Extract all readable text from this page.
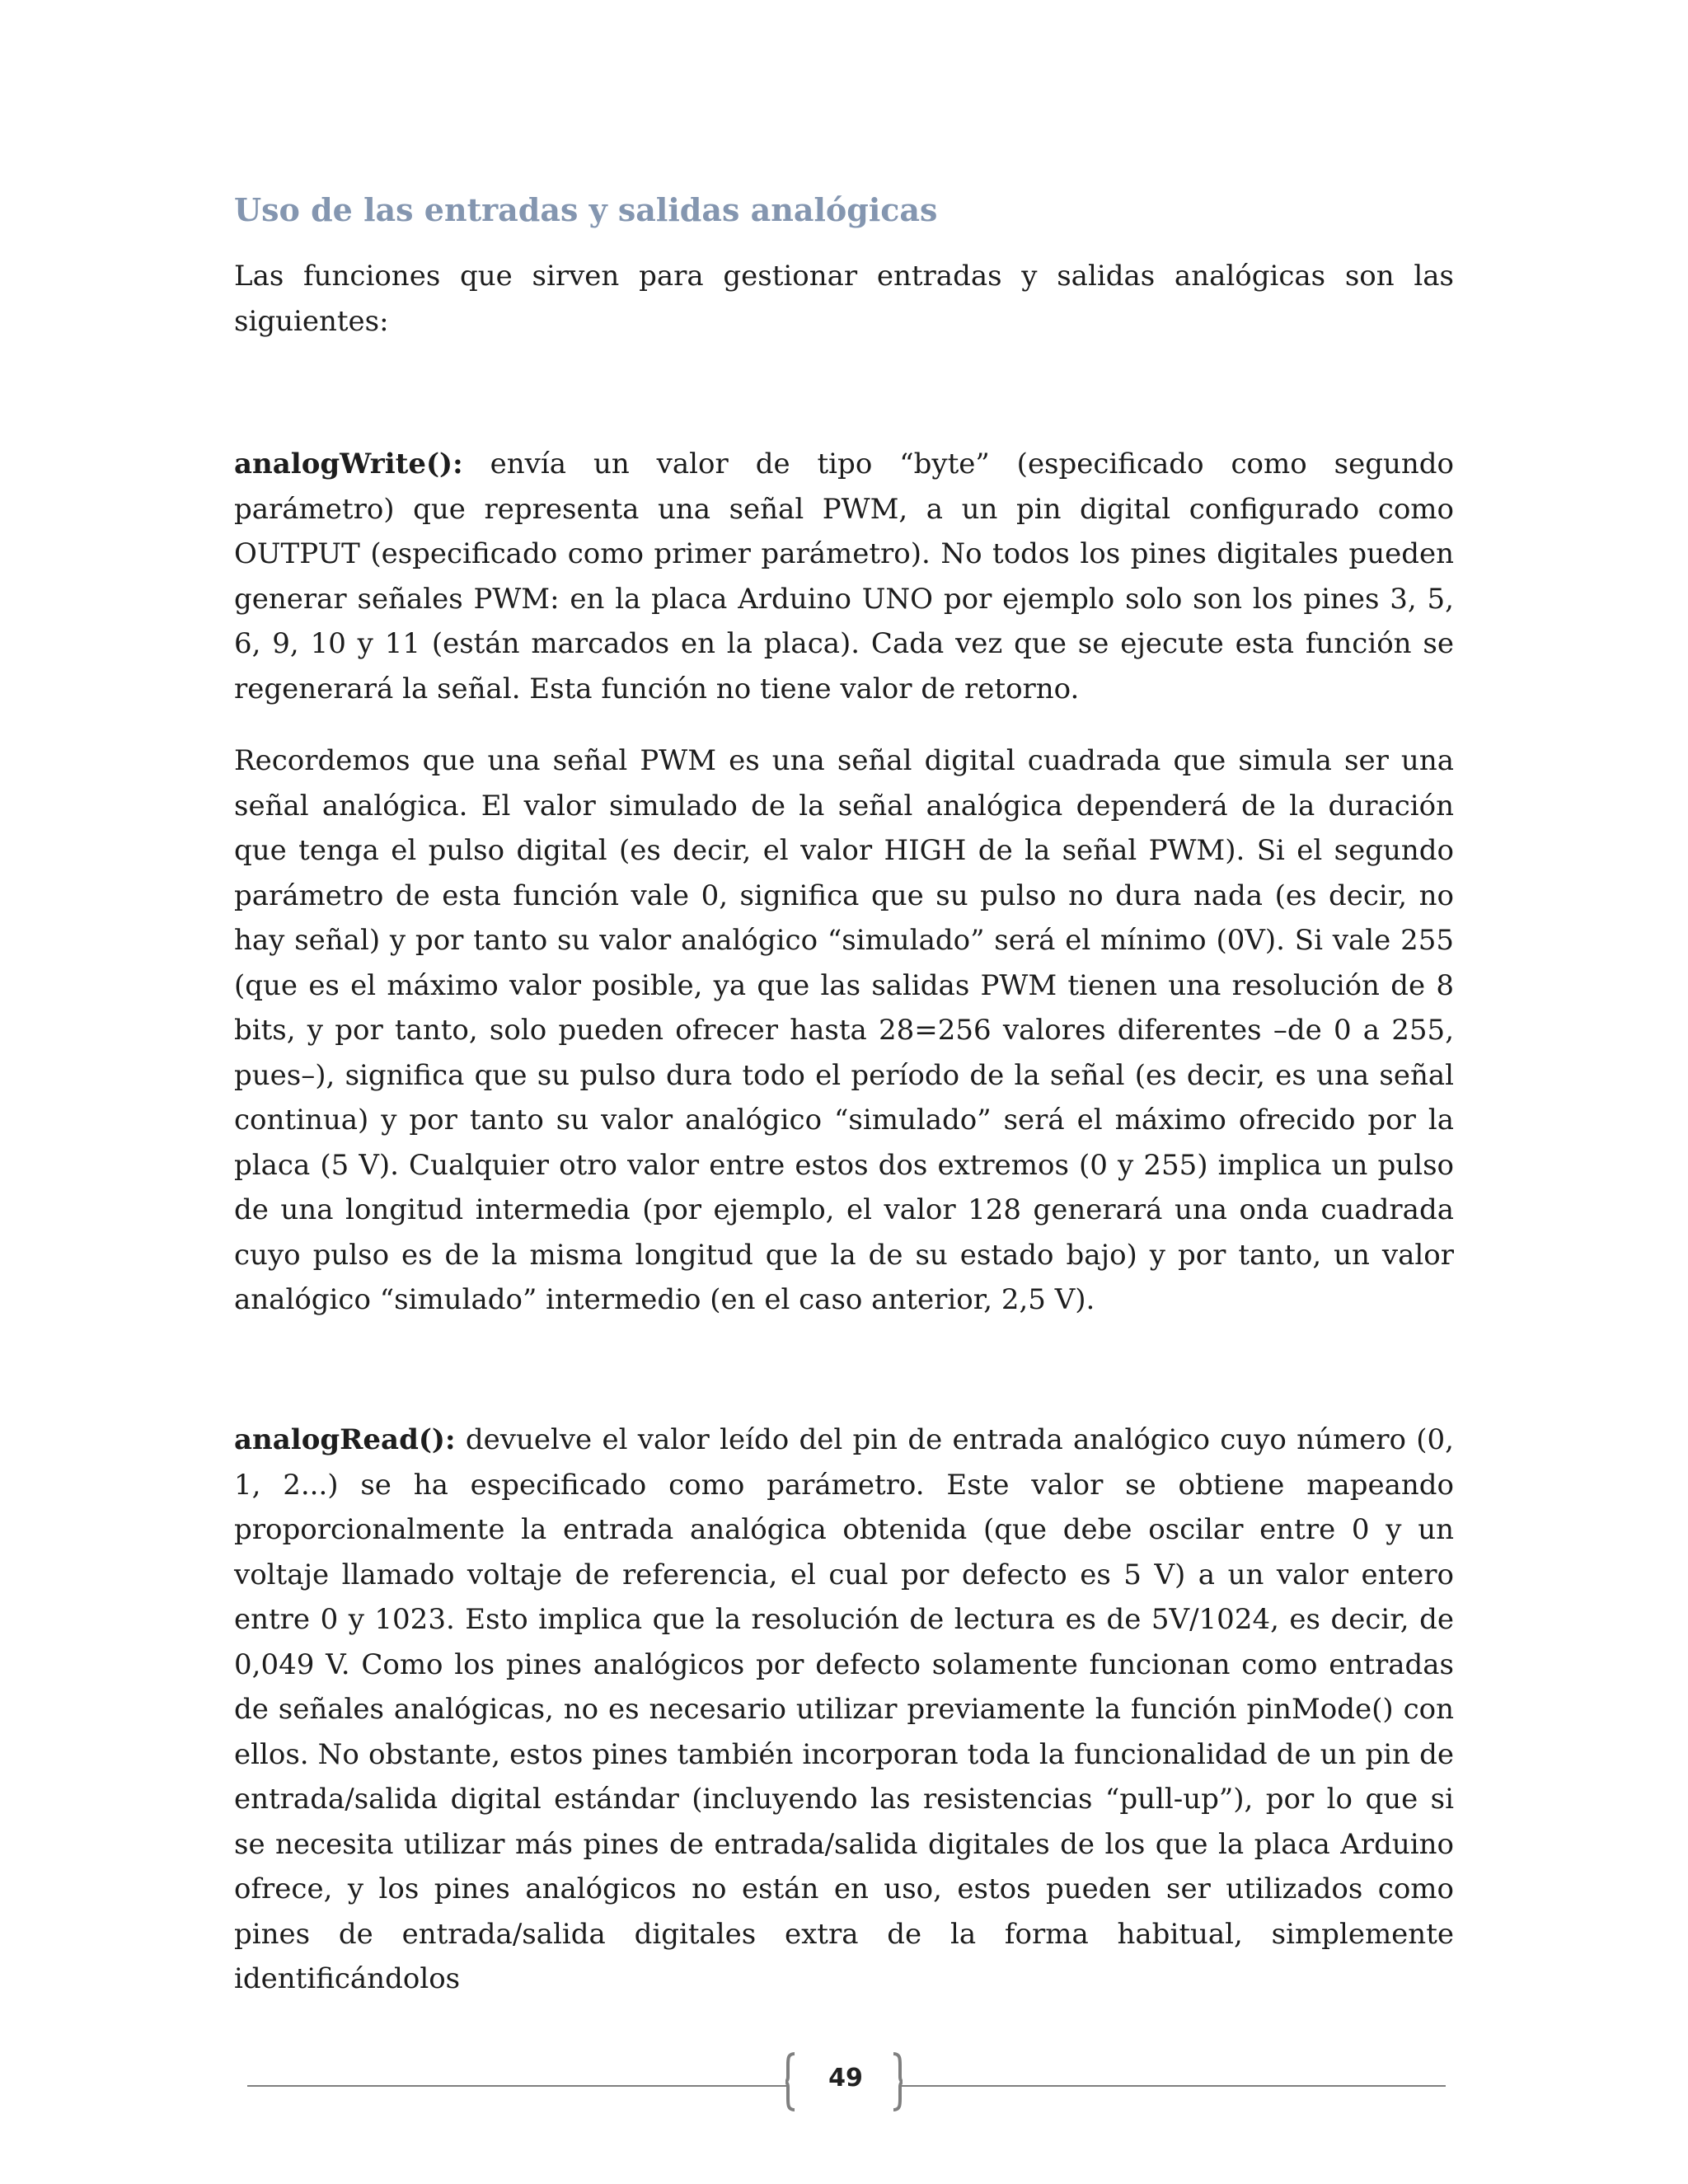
Uso de las entradas y salidas analógicas

Las funciones que sirven para gestionar entradas y salidas analógicas son las siguientes:

analogWrite(): envía un valor de tipo “byte” (especificado como segundo parámetro) que representa una señal PWM, a un pin digital configurado como OUTPUT (especificado como primer parámetro). No todos los pines digitales pueden generar señales PWM: en la placa Arduino UNO por ejemplo solo son los pines 3, 5, 6, 9, 10 y 11 (están marcados en la placa). Cada vez que se ejecute esta función se regenerará la señal. Esta función no tiene valor de retorno.

Recordemos que una señal PWM es una señal digital cuadrada que simula ser una señal analógica. El valor simulado de la señal analógica dependerá de la duración que tenga el pulso digital (es decir, el valor HIGH de la señal PWM). Si el segundo parámetro de esta función vale 0, significa que su pulso no dura nada (es decir, no hay señal) y por tanto su valor analógico “simulado” será el mínimo (0V). Si vale 255 (que es el máximo valor posible, ya que las salidas PWM tienen una resolución de 8 bits, y por tanto, solo pueden ofrecer hasta 28=256 valores diferentes –de 0 a 255, pues–), significa que su pulso dura todo el período de la señal (es decir, es una señal continua) y por tanto su valor analógico “simulado” será el máximo ofrecido por la placa (5 V). Cualquier otro valor entre estos dos extremos (0 y 255) implica un pulso de una longitud intermedia (por ejemplo, el valor 128 generará una onda cuadrada cuyo pulso es de la misma longitud que la de su estado bajo) y por tanto, un valor analógico “simulado” intermedio (en el caso anterior, 2,5 V).

analogRead(): devuelve el valor leído del pin de entrada analógico cuyo número (0, 1, 2...) se ha especificado como parámetro. Este valor se obtiene mapeando proporcionalmente la entrada analógica obtenida (que debe oscilar entre 0 y un voltaje llamado voltaje de referencia, el cual por defecto es 5 V) a un valor entero entre 0 y 1023. Esto implica que la resolución de lectura es de 5V/1024, es decir, de 0,049 V. Como los pines analógicos por defecto solamente funcionan como entradas de señales analógicas, no es necesario utilizar previamente la función pinMode() con ellos. No obstante, estos pines también incorporan toda la funcionalidad de un pin de entrada/salida digital estándar (incluyendo las resistencias “pull-up”), por lo que si se necesita utilizar más pines de entrada/salida digitales de los que la placa Arduino ofrece, y los pines analógicos no están en uso, estos pueden ser utilizados como pines de entrada/salida digitales extra de la forma habitual, simplemente identificándolos

49
